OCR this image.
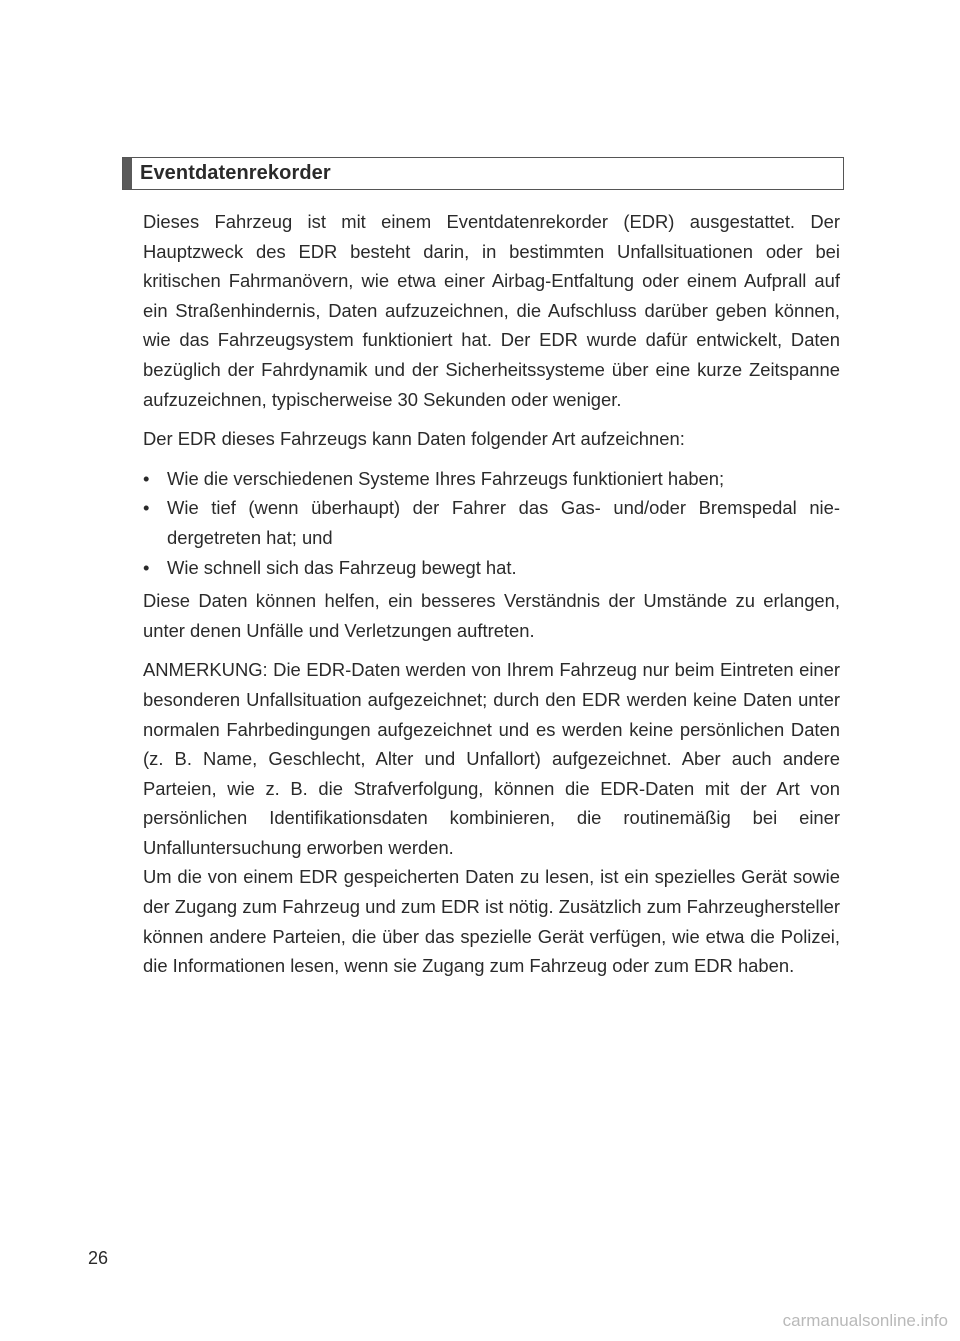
Eventdatenrekorder

Dieses Fahrzeug ist mit einem Eventdatenrekorder (EDR) ausgestattet. Der Hauptzweck des EDR besteht darin, in bestimmten Unfallsituationen oder bei kritischen Fahrmanövern, wie etwa einer Airbag-Entfaltung oder einem Aufprall auf ein Straßenhindernis, Daten aufzuzeichnen, die Aufschluss darüber geben können, wie das Fahrzeugsystem funktioniert hat. Der EDR wurde dafür entwickelt, Daten bezüglich der Fahrdynamik und der Sicherheitssysteme über eine kurze Zeitspanne aufzuzeichnen, typischerweise 30 Sekunden oder weniger.

Der EDR dieses Fahrzeugs kann Daten folgender Art aufzeichnen:

• Wie die verschiedenen Systeme Ihres Fahrzeugs funktioniert haben;
• Wie tief (wenn überhaupt) der Fahrer das Gas- und/oder Bremspedal niedergetreten hat; und
• Wie schnell sich das Fahrzeug bewegt hat.

Diese Daten können helfen, ein besseres Verständnis der Umstände zu erlangen, unter denen Unfälle und Verletzungen auftreten.

ANMERKUNG: Die EDR-Daten werden von Ihrem Fahrzeug nur beim Eintreten einer besonderen Unfallsituation aufgezeichnet; durch den EDR werden keine Daten unter normalen Fahrbedingungen aufgezeichnet und es werden keine persönlichen Daten (z. B. Name, Geschlecht, Alter und Unfallort) aufgezeichnet. Aber auch andere Parteien, wie z. B. die Strafverfolgung, können die EDR-Daten mit der Art von persönlichen Identifikationsdaten kombinieren, die routinemäßig bei einer Unfalluntersuchung erworben werden.

Um die von einem EDR gespeicherten Daten zu lesen, ist ein spezielles Gerät sowie der Zugang zum Fahrzeug und zum EDR ist nötig. Zusätzlich zum Fahrzeughersteller können andere Parteien, die über das spezielle Gerät verfügen, wie etwa die Polizei, die Informationen lesen, wenn sie Zugang zum Fahrzeug oder zum EDR haben.

26
carmanualsonline.info
